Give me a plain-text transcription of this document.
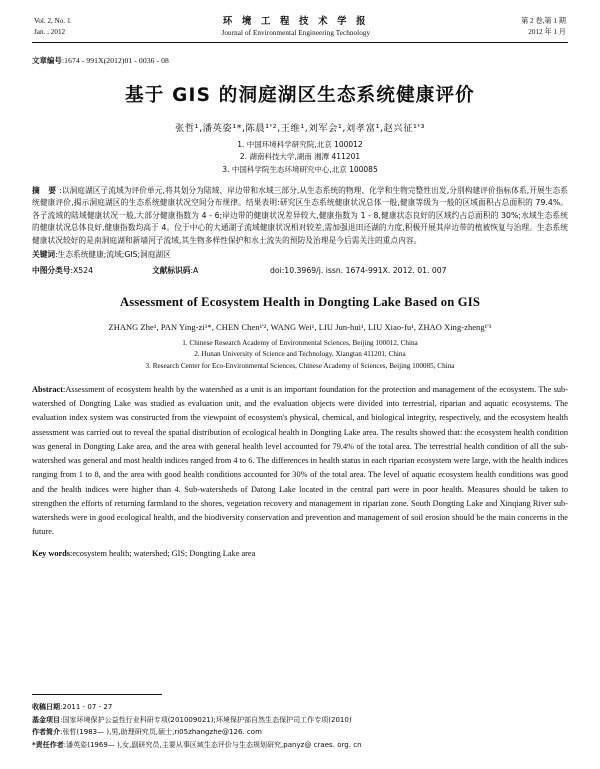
Vol. 2, No. 1
Jan. , 2012
环 境 工 程 技 术 学 报
Journal of Environmental Engineering Technology
第 2 卷,第 1 期
2012 年 1 月
文章编号:1674 - 991X(2012)01 - 0036 - 08
基于 GIS 的洞庭湖区生态系统健康评价
张哲¹,潘英姿¹*,陈晨¹'²,王维¹,刘军会¹,刘孝富¹,赵兴征¹'³
1. 中国环境科学研究院,北京 100012
2. 湖南科技大学,湖南 湘潭 411201
3. 中国科学院生态环境研究中心,北京 100085
摘 要:以洞庭湖区子流域为评价单元,将其划分为陆域、岸边带和水域三部分,从生态系统的物理、化学和生物完整性出发,分别构建评价指标体系,开展生态系统健康评价,揭示洞庭湖区的生态系统健康状况空间分布规律。结果表明:研究区生态系统健康状况总体一般,健康等级为一般的区域面积占总面积的 79.4%。各子流域的陆域健康状况一般,大部分健康指数为 4 - 6;岸边带的健康状况差异较大,健康指数为 1 - 8,健康状态良好的区域约占总面积的 30%;水域生态系统的健康状况总体良好,健康指数均高于 4。位于中心的大通湖子流域健康状况相对较差,需加强退田还湖的力度,积极开展其岸边带的植被恢复与治理。生态系统健康状况较好的是南洞庭湖和新墙河子流域,其生物多样性保护和水土流失的预防及治理是今后需关注的重点内容。
关键词:生态系统健康;流域;GIS;洞庭湖区
中图分类号:X524	文献标识码:A	doi:10.3969/j. issn. 1674-991X. 2012. 01. 007
Assessment of Ecosystem Health in Dongting Lake Based on GIS
ZHANG Zhe¹, PAN Ying-zi¹*, CHEN Chen¹'², WANG Wei¹, LIU Jun-hui¹, LIU Xiao-fu¹, ZHAO Xing-zheng¹'³
1. Chinese Research Academy of Environmental Sciences, Beijing 100012, China
2. Hunan University of Science and Technology, Xiangtan 411201, China
3. Research Center for Eco-Environmental Sciences, Chinese Academy of Sciences, Beijing 100085, China
Abstract:Assessment of ecosystem health by the watershed as a unit is an important foundation for the protection and management of the ecosystem. The sub-watershed of Dongting Lake was studied as evaluation unit, and the evaluation objects were divided into terrestrial, riparian and aquatic ecosystems. The evaluation index system was constructed from the viewpoint of ecosystem's physical, chemical, and biological integrity, respectively, and the ecosystem health assessment was carried out to reveal the spatial distribution of ecological health in Dongting Lake area. The results showed that: the ecosystem health condition was general in Dongting Lake area, and the area with general health level accounted for 79.4% of the total area. The terrestrial health condition of all the sub-watershed was general and most health indices ranged from 4 to 6. The differences in health status in each riparian ecosystem were large, with the health indices ranging from 1 to 8, and the area with good health conditions accounted for 30% of the total area. The level of aquatic ecosystem health conditions was good and the health indices were higher than 4. Sub-watersheds of Datong Lake located in the central part were in poor health. Measures should be taken to strengthen the efforts of returning farmland to the shores, vegetation recovery and management in riparian zone. South Dongting Lake and Xinqiang River sub-watersheds were in good ecological health, and the biodiversity conservation and prevention and management of soil erosion should be the main concerns in the future.
Key words:ecosystem health; watershed; GIS; Dongting Lake area
收稿日期:2011 - 07 - 27
基金项目:国家环境保护公益性行业科研专项(201009021);环境保护部自然生态保护司工作专项(2010)
作者简介:张哲(1983— ),男,助理研究员,硕士,ri05zhangzhe@126. com
*责任作者:潘英姿(1969— ),女,副研究员,主要从事区域生态评价与生态规划研究,panyz@ craes. org. cn
